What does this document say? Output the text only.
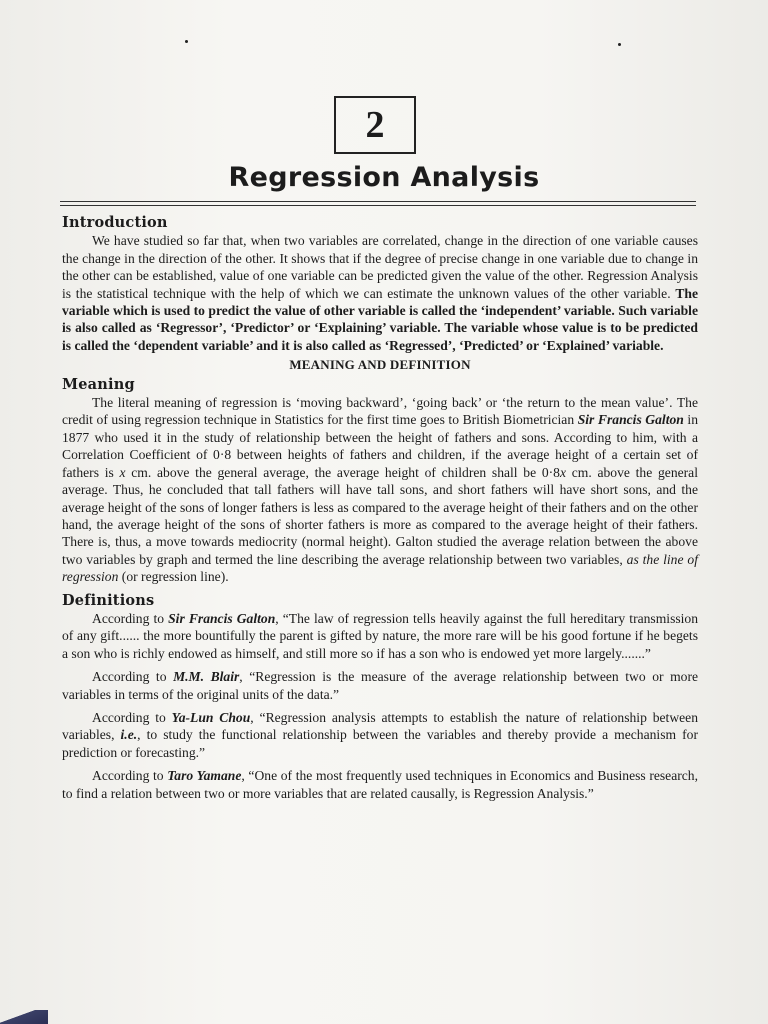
2
Regression Analysis
Introduction

We have studied so far that, when two variables are correlated, change in the direction of one variable causes the change in the direction of the other. It shows that if the degree of precise change in one variable due to change in the other can be established, value of one variable can be predicted given the value of the other. Regression Analysis is the statistical technique with the help of which we can estimate the unknown values of the other variable. The variable which is used to predict the value of other variable is called the ‘independent’ variable. Such variable is also called as ‘Regressor’, ‘Predictor’ or ‘Explaining’ variable. The variable whose value is to be predicted is called the ‘dependent variable’ and it is also called as ‘Regressed’, ‘Predicted’ or ‘Explained’ variable.

MEANING AND DEFINITION
Meaning

The literal meaning of regression is ‘moving backward’, ‘going back’ or ‘the return to the mean value’. The credit of using regression technique in Statistics for the first time goes to British Biometrician Sir Francis Galton in 1877 who used it in the study of relationship between the height of fathers and sons. According to him, with a Correlation Coefficient of 0·8 between heights of fathers and children, if the average height of a certain set of fathers is x cm. above the general average, the average height of children shall be 0·8x cm. above the general average. Thus, he concluded that tall fathers will have tall sons, and short fathers will have short sons, and the average height of the sons of longer fathers is less as compared to the average height of their fathers and on the other hand, the average height of the sons of shorter fathers is more as compared to the average height of their fathers. There is, thus, a move towards mediocrity (normal height). Galton studied the average relation between the above two variables by graph and termed the line describing the average relationship between two variables, as the line of regression (or regression line).

Definitions

According to Sir Francis Galton, “The law of regression tells heavily against the full hereditary transmission of any gift...... the more bountifully the parent is gifted by nature, the more rare will be his good fortune if he begets a son who is richly endowed as himself, and still more so if has a son who is endowed yet more largely.......”

According to M.M. Blair, “Regression is the measure of the average relationship between two or more variables in terms of the original units of the data.”

According to Ya-Lun Chou, “Regression analysis attempts to establish the nature of relationship between variables, i.e., to study the functional relationship between the variables and thereby provide a mechanism for prediction or forecasting.”

According to Taro Yamane, “One of the most frequently used techniques in Economics and Business research, to find a relation between two or more variables that are related causally, is Regression Analysis.”
